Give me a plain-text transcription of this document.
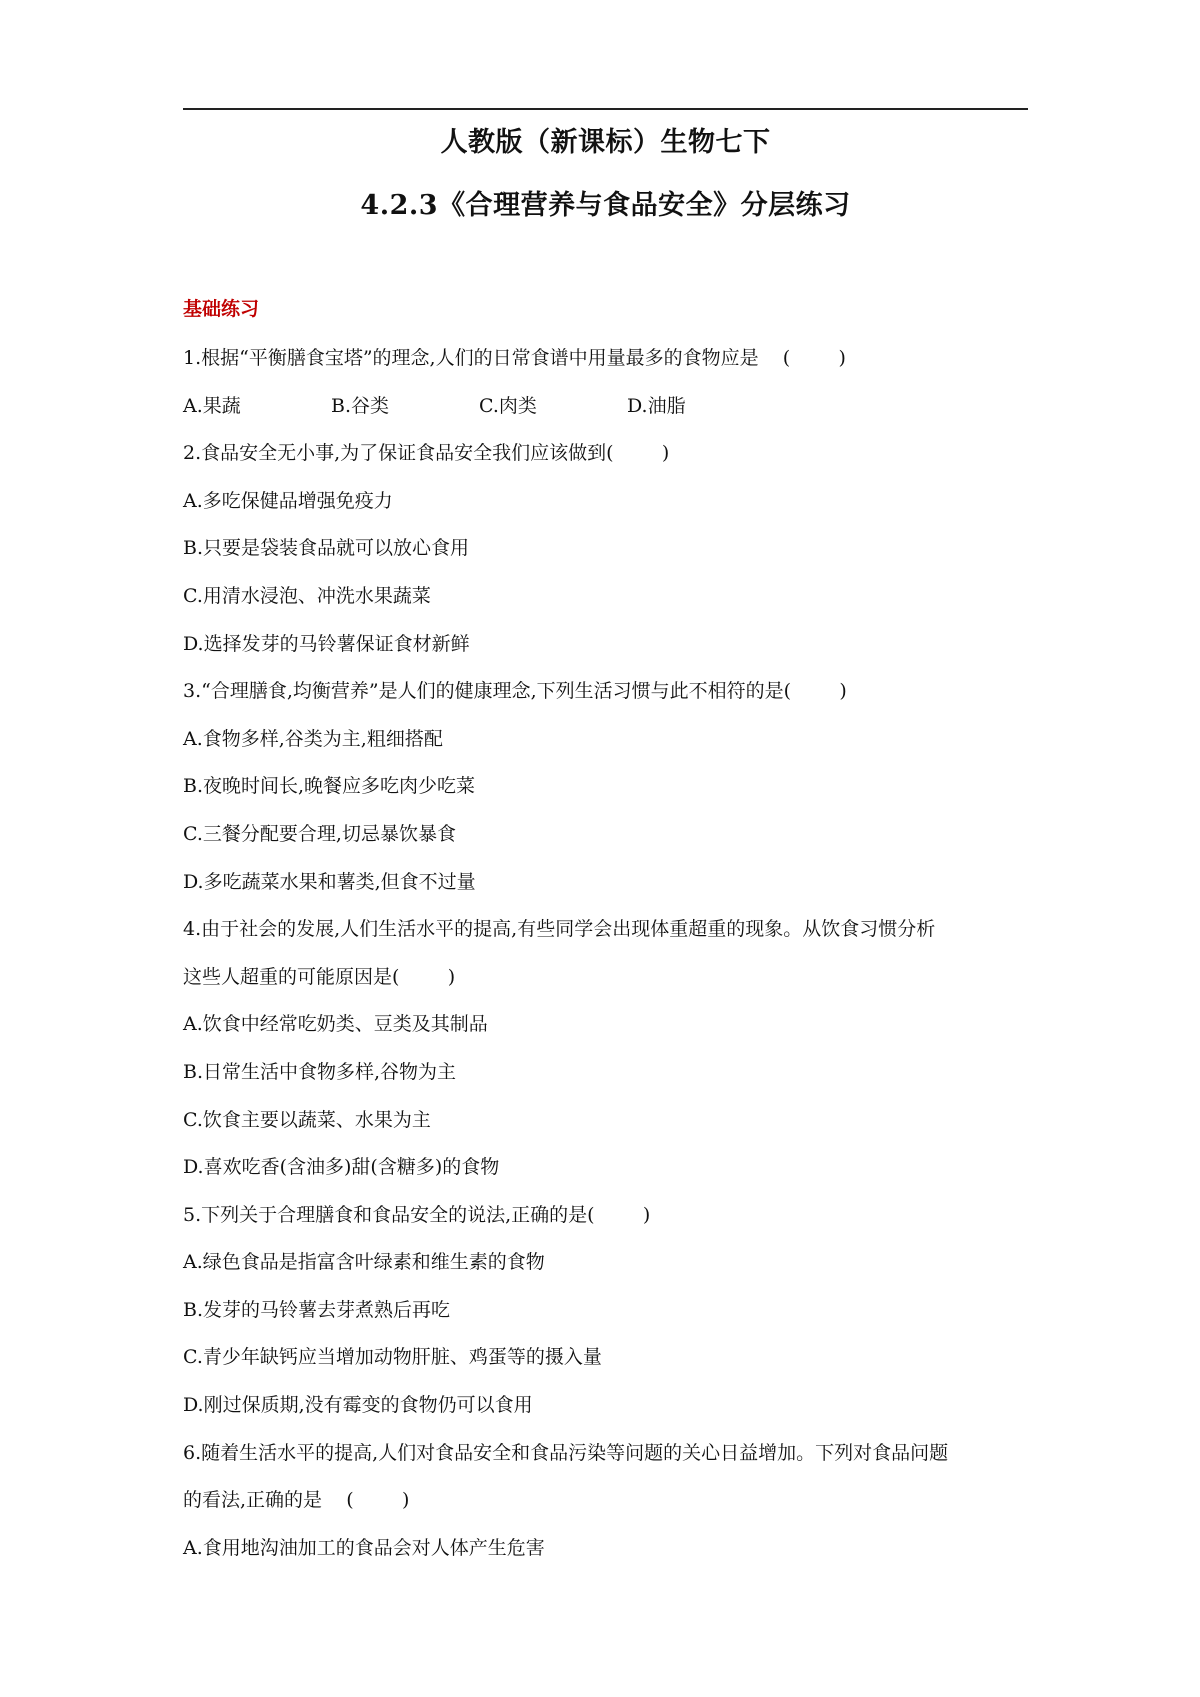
人教版（新课标）生物七下
4.2.3《合理营养与食品安全》分层练习
基础练习
1.根据“平衡膳食宝塔”的理念,人们的日常食谱中用量最多的食物应是 (        )
A.果蔬	B.谷类	C.肉类	D.油脂
2.食品安全无小事,为了保证食品安全我们应该做到(        )
A.多吃保健品增强免疫力
B.只要是袋装食品就可以放心食用
C.用清水浸泡、冲洗水果蔬菜
D.选择发芽的马铃薯保证食材新鲜
3.“合理膳食,均衡营养”是人们的健康理念,下列生活习惯与此不相符的是(        )
A.食物多样,谷类为主,粗细搭配
B.夜晚时间长,晚餐应多吃肉少吃菜
C.三餐分配要合理,切忌暴饮暴食
D.多吃蔬菜水果和薯类,但食不过量
4.由于社会的发展,人们生活水平的提高,有些同学会出现体重超重的现象。从饮食习惯分析
这些人超重的可能原因是(        )
A.饮食中经常吃奶类、豆类及其制品
B.日常生活中食物多样,谷物为主
C.饮食主要以蔬菜、水果为主
D.喜欢吃香(含油多)甜(含糖多)的食物
5.下列关于合理膳食和食品安全的说法,正确的是(        )
A.绿色食品是指富含叶绿素和维生素的食物
B.发芽的马铃薯去芽煮熟后再吃
C.青少年缺钙应当增加动物肝脏、鸡蛋等的摄入量
D.刚过保质期,没有霉变的食物仍可以食用
6.随着生活水平的提高,人们对食品安全和食品污染等问题的关心日益增加。下列对食品问题
的看法,正确的是 (        )
A.食用地沟油加工的食品会对人体产生危害
